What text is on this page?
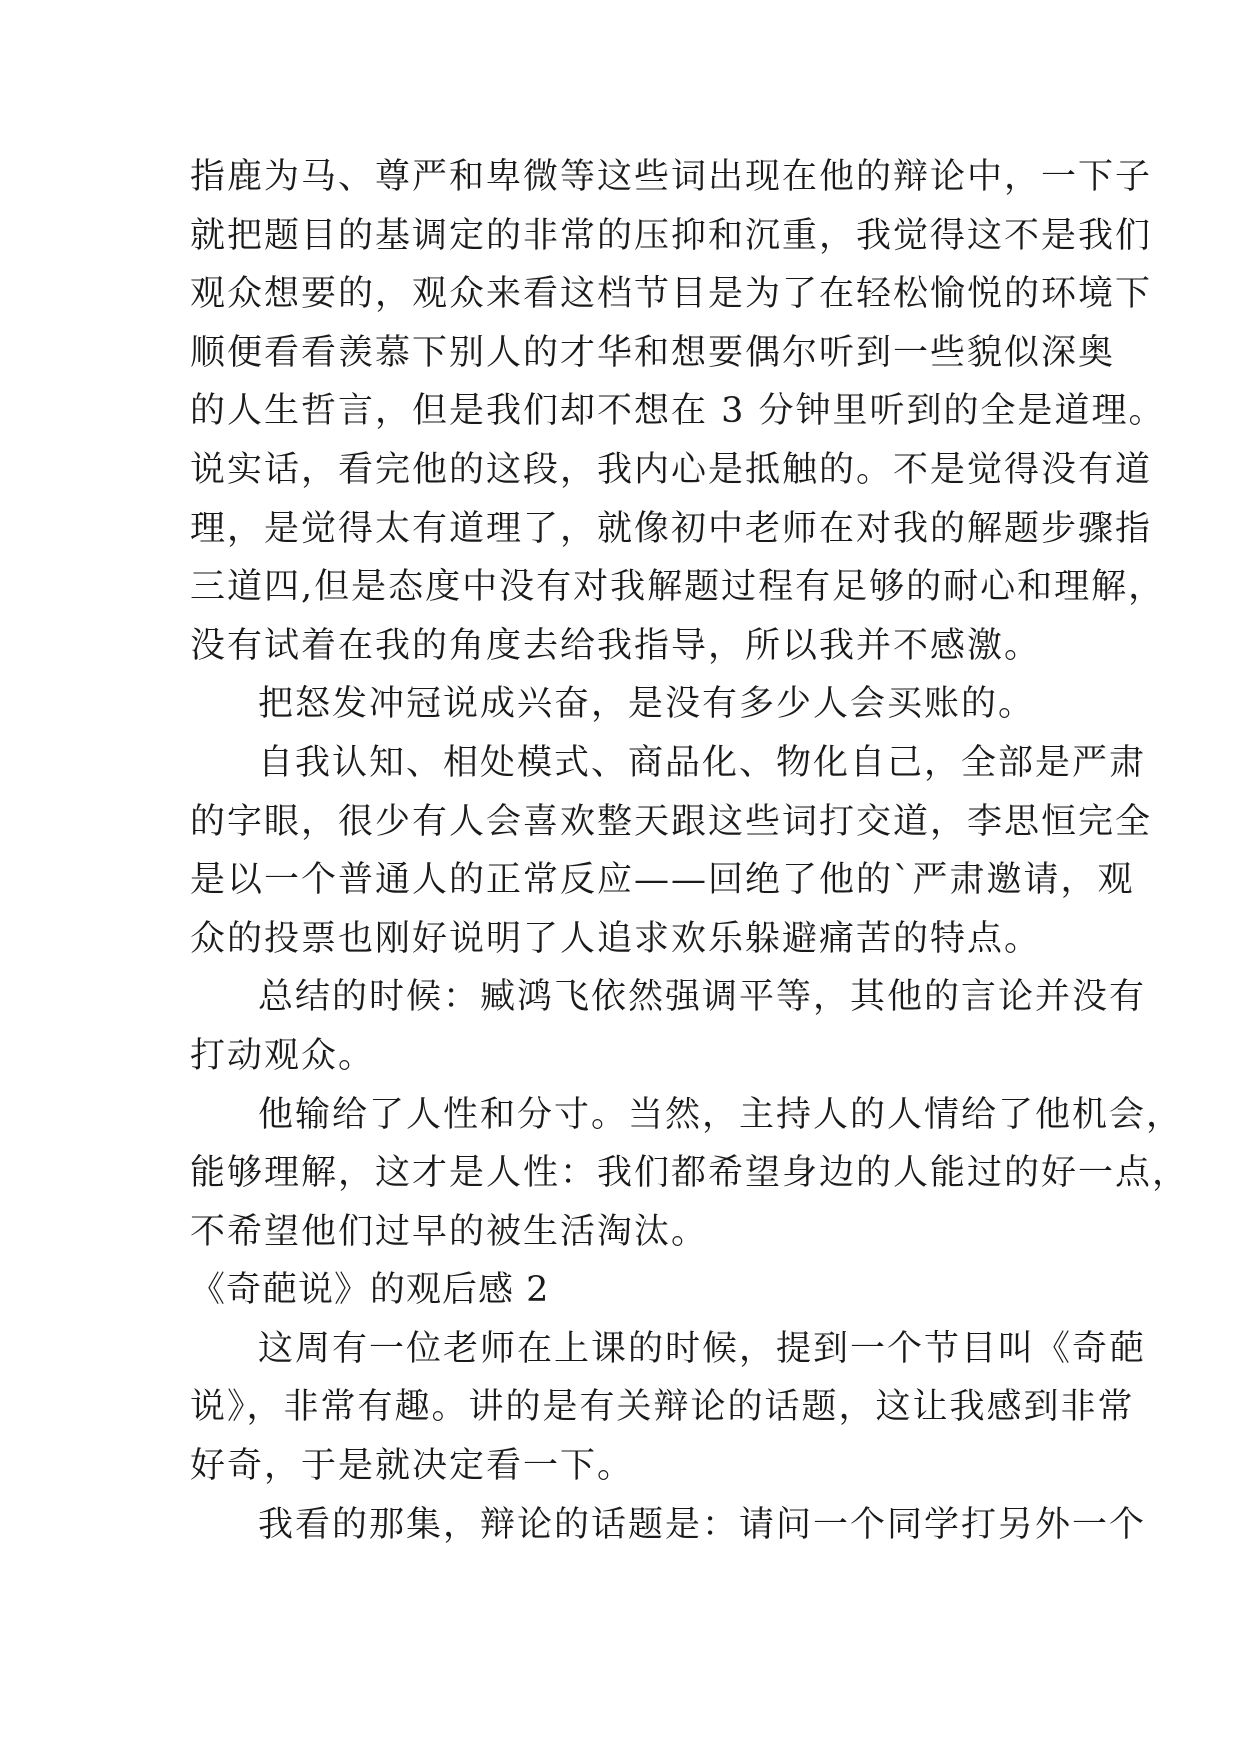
指鹿为马、尊严和卑微等这些词出现在他的辩论中，一下子
就把题目的基调定的非常的压抑和沉重，我觉得这不是我们
观众想要的，观众来看这档节目是为了在轻松愉悦的环境下
顺便看看羡慕下别人的才华和想要偶尔听到一些貌似深奥
的人生哲言，但是我们却不想在 3 分钟里听到的全是道理。
说实话，看完他的这段，我内心是抵触的。不是觉得没有道
理，是觉得太有道理了，就像初中老师在对我的解题步骤指
三道四,但是态度中没有对我解题过程有足够的耐心和理解，
没有试着在我的角度去给我指导，所以我并不感激。
把怒发冲冠说成兴奋，是没有多少人会买账的。
自我认知、相处模式、商品化、物化自己，全部是严肃
的字眼，很少有人会喜欢整天跟这些词打交道，李思恒完全
是以一个普通人的正常反应——回绝了他的`严肃邀请，观
众的投票也刚好说明了人追求欢乐躲避痛苦的特点。
总结的时候：臧鸿飞依然强调平等，其他的言论并没有
打动观众。
他输给了人性和分寸。当然，主持人的人情给了他机会，
能够理解，这才是人性：我们都希望身边的人能过的好一点，
不希望他们过早的被生活淘汰。
《奇葩说》的观后感 2
这周有一位老师在上课的时候，提到一个节目叫《奇葩
说》，非常有趣。讲的是有关辩论的话题，这让我感到非常
好奇，于是就决定看一下。
我看的那集，辩论的话题是：请问一个同学打另外一个
